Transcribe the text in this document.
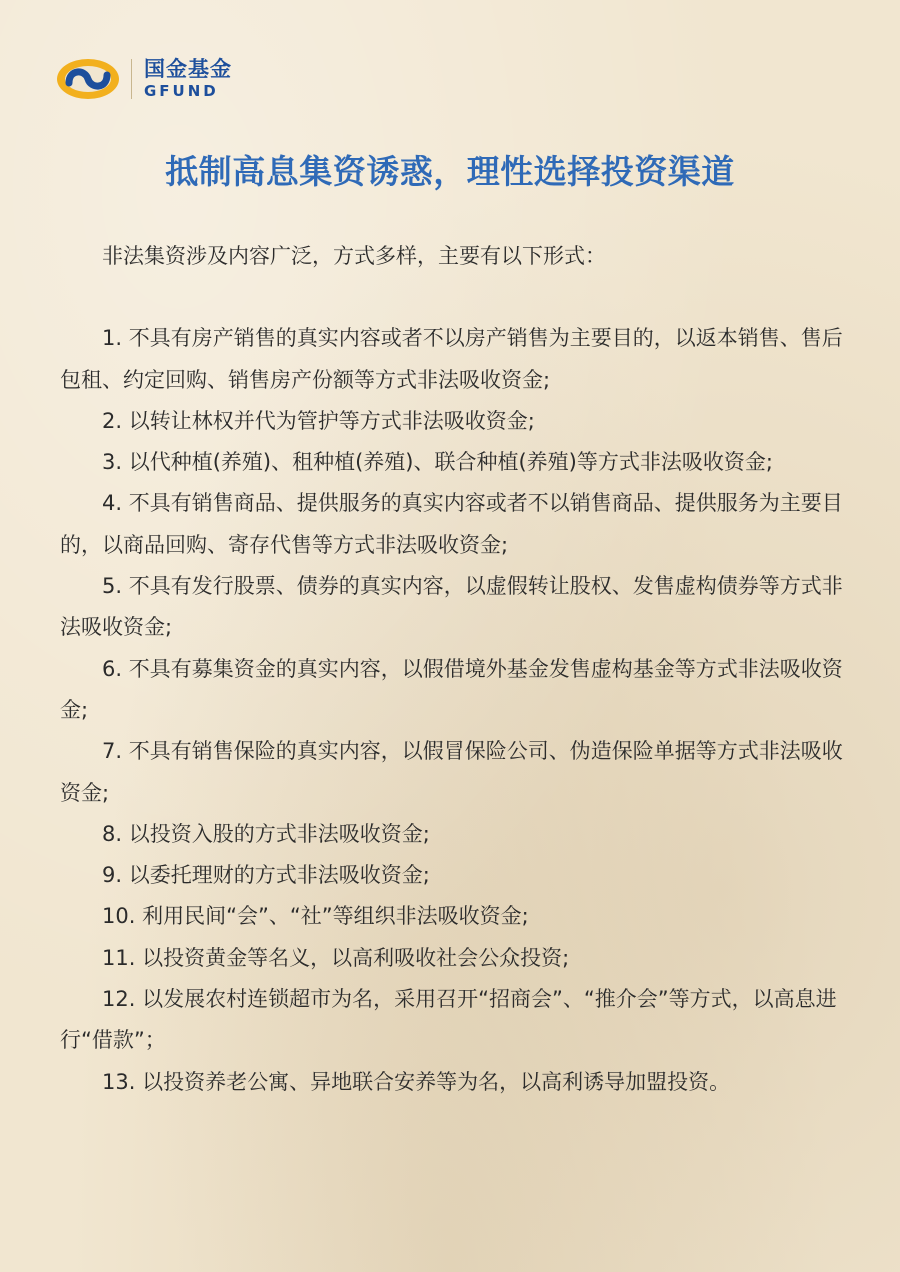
国金基金
GFUND
抵制高息集资诱惑，理性选择投资渠道

非法集资涉及内容广泛，方式多样，主要有以下形式：

1. 不具有房产销售的真实内容或者不以房产销售为主要目的，以返本销售、售后包租、约定回购、销售房产份额等方式非法吸收资金;

2. 以转让林权并代为管护等方式非法吸收资金;

3. 以代种植(养殖)、租种植(养殖)、联合种植(养殖)等方式非法吸收资金;

4. 不具有销售商品、提供服务的真实内容或者不以销售商品、提供服务为主要目的，以商品回购、寄存代售等方式非法吸收资金;

5. 不具有发行股票、债券的真实内容，以虚假转让股权、发售虚构债券等方式非法吸收资金;

6. 不具有募集资金的真实内容，以假借境外基金发售虚构基金等方式非法吸收资金;

7. 不具有销售保险的真实内容，以假冒保险公司、伪造保险单据等方式非法吸收资金;

8. 以投资入股的方式非法吸收资金;

9. 以委托理财的方式非法吸收资金;

10. 利用民间“会”、“社”等组织非法吸收资金;

11. 以投资黄金等名义，以高利吸收社会公众投资;

12. 以发展农村连锁超市为名，采用召开“招商会”、“推介会”等方式，以高息进行“借款”；

13. 以投资养老公寓、异地联合安养等为名，以高利诱导加盟投资。
